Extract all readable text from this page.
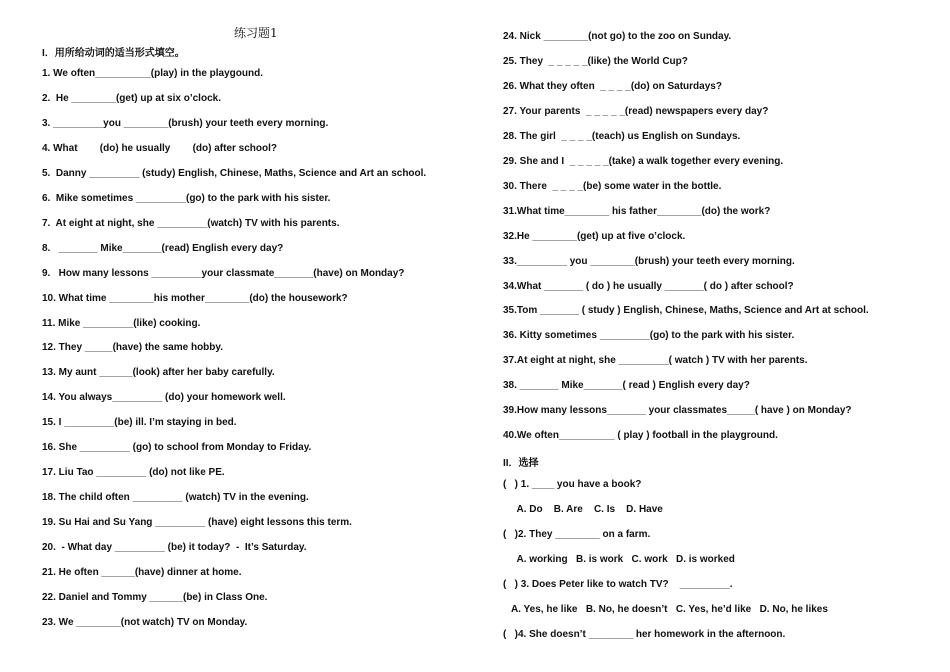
练习题1
I．用所给动词的适当形式填空。
1. We often__________(play) in the playgound.
2.  He ________(get) up at six o’clock.
3. _________you ________(brush) your teeth every morning.
4. What        (do) he usually        (do) after school?
5.  Danny _________ (study) English, Chinese, Maths, Science and Art an school.
6.  Mike sometimes _________(go) to the park with his sister.
7.  At eight at night, she _________(watch) TV with his parents.
8.   _______ Mike_______(read) English every day?
9.   How many lessons _________your classmate_______(have) on Monday?
10. What time ________his mother________(do) the housework?
11. Mike _________(like) cooking.
12. They _____(have) the same hobby.
13. My aunt ______(look) after her baby carefully.
14. You always_________ (do) your homework well.
15. I _________(be) ill. I’m staying in bed.
16. She _________ (go) to school from Monday to Friday.
17. Liu Tao _________ (do) not like PE.
18. The child often _________ (watch) TV in the evening.
19. Su Hai and Su Yang _________ (have) eight lessons this term.
20.  - What day _________ (be) it today?  -  It’s Saturday.
21. He often ______(have) dinner at home.
22. Daniel and Tommy ______(be) in Class One.
23. We ________(not watch) TV on Monday.
24. Nick ________(not go) to the zoo on Sunday.
25. They  _ _ _ _ _(like) the World Cup?
26. What they often  _ _ _ _(do) on Saturdays?
27. Your parents  _ _ _ _ _(read) newspapers every day?
28. The girl  _ _ _ _(teach) us English on Sundays.
29. She and I  _ _ _ _ _(take) a walk together every evening.
30. There  _ _ _ _(be) some water in the bottle.
31.What time________ his father________(do) the work?
32.He ________(get) up at five o’clock.
33._________ you ________(brush) your teeth every morning.
34.What _______ ( do ) he usually _______( do ) after school?
35.Tom _______ ( study ) English, Chinese, Maths, Science and Art at school.
36. Kitty sometimes _________(go) to the park with his sister.
37.At eight at night, she _________( watch ) TV with her parents.
38. _______ Mike_______( read ) English every day?
39.How many lessons_______ your classmates_____( have ) on Monday?
40.We often__________ ( play ) football in the playground.
II．选择
(   ) 1. ____ you have a book?
A. Do    B. Are    C. Is    D. Have
(   )2. They ________ on a farm.
A. working   B. is work   C. work   D. is worked
(   ) 3. Does Peter like to watch TV?    _________.
A. Yes, he like   B. No, he doesn’t   C. Yes, he’d like   D. No, he likes
(   )4. She doesn’t ________ her homework in the afternoon.
